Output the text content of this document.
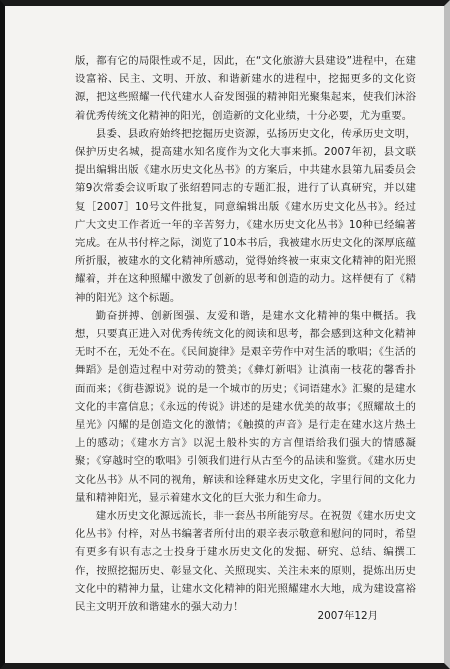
版，都有它的局限性或不足，因此，在“文化旅游大县建设”进程中，在建设富裕、民主、文明、开放、和谐新建水的进程中，挖掘更多的文化资源，把这些照耀一代代建水人奋发图强的精神阳光聚集起来，使我们沐浴着优秀传统文化精神的阳光，创造新的文化业绩，十分必要，尤为重要。

县委、县政府始终把挖掘历史资源，弘扬历史文化，传承历史文明，保护历史名城，提高建水知名度作为文化大事来抓。2007年初，县文联提出编辑出版《建水历史文化丛书》的方案后，中共建水县第九届委员会第9次常委会议听取了张绍碧同志的专题汇报，进行了认真研究，并以建复［2007］10号文件批复，同意编辑出版《建水历史文化丛书》。经过广大文史工作者近一年的辛苦努力，《建水历史文化丛书》10种已经编著完成。在从书付梓之际，浏览了10本书后，我被建水历史文化的深厚底蕴所折服，被建水的文化精神所感动，觉得始终被一束束文化精神的阳光照耀着，并在这种照耀中激发了创新的思考和创造的动力。这样便有了《精神的阳光》这个标题。

勤奋拼搏、创新图强、友爱和谐，是建水文化精神的集中概括。我想，只要真正进入对优秀传统文化的阅读和思考，都会感到这种文化精神无时不在，无处不在。《民间旋律》是艰辛劳作中对生活的歌唱；《生活的舞蹈》是创造过程中对劳动的赞美；《彝灯新唱》让滇南一枝花的馨香扑面而来；《街巷源说》说的是一个城市的历史；《词语建水》汇聚的是建水文化的丰富信息；《永远的传说》讲述的是建水优美的故事；《照耀故土的星光》闪耀的是创造文化的激情；《触摸的声音》是行走在建水这片热土上的感动；《建水方言》以泥土般朴实的方言俚语给我们强大的情感凝聚；《穿越时空的歌唱》引领我们进行从古至今的品读和鉴赏。《建水历史文化丛书》从不同的视角，解读和诠释建水历史文化，字里行间的文化力量和精神阳光，显示着建水文化的巨大张力和生命力。

建水历史文化源远流长，非一套丛书所能穷尽。在祝贺《建水历史文化丛书》付梓，对丛书编著者所付出的艰辛表示敬意和慰问的同时，希望有更多有识有志之士投身于建水历史文化的发掘、研究、总结、编撰工作，按照挖掘历史、彰显文化、关照现实、关注未来的原则，提炼出历史文化中的精神力量，让建水文化精神的阳光照耀建水大地，成为建设富裕民主文明开放和谐建水的强大动力！

2007年12月
